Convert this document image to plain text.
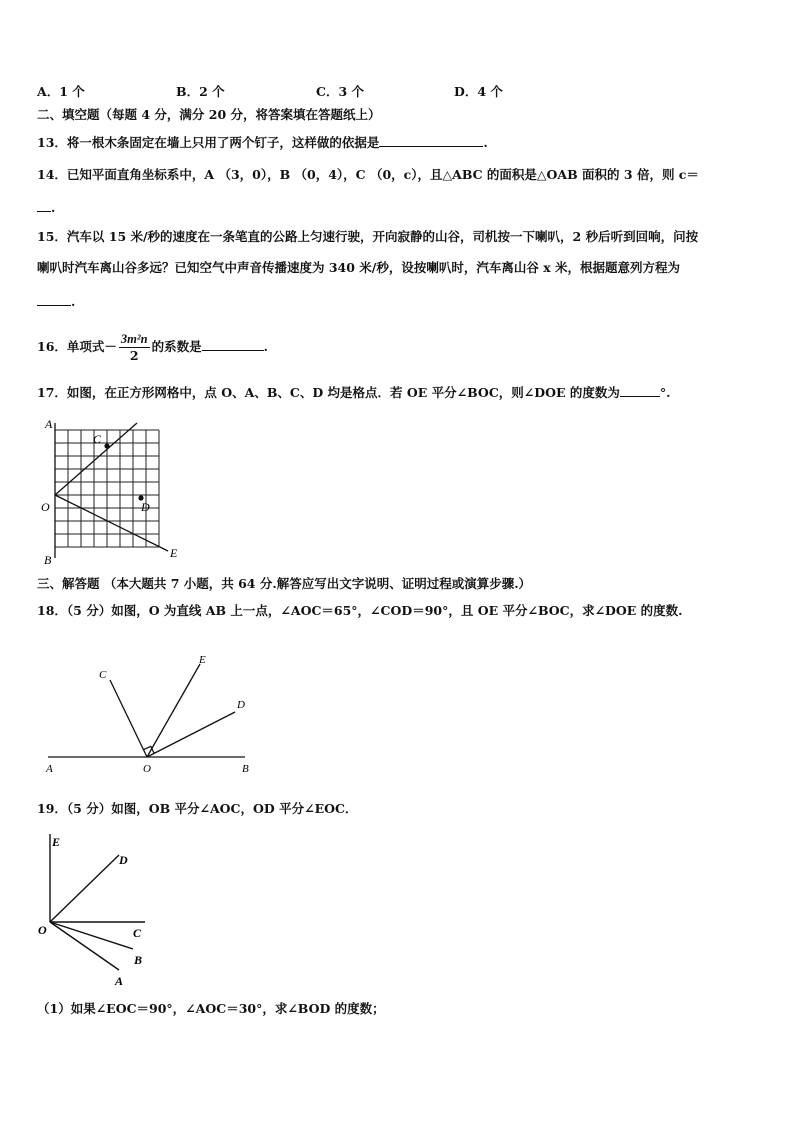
A．1 个	B．2 个	C．3 个	D．4 个
二、填空题（每题 4 分，满分 20 分，将答案填在答题纸上）
13．将一根木条固定在墙上只用了两个钉子，这样做的依据是	.
14．已知平面直角坐标系中，A （3，0），B （0，4），C （0，c），且△ABC 的面积是△OAB 面积的 3 倍，则 c＝
.
15．汽车以 15 米/秒的速度在一条笔直的公路上匀速行驶，开向寂静的山谷，司机按一下喇叭，2 秒后听到回响，问按
喇叭时汽车离山谷多远？已知空气中声音传播速度为 340 米/秒，设按喇叭时，汽车离山谷 x 米，根据题意列方程为
.
16．单项式－ $\frac{\text{3m²n}}{2}$ 的系数是	.
17．如图，在正方形网格中，点 O、A、B、C、D 均是格点．若 OE 平分∠BOC，则∠DOE 的度数为	°.
A
C
O	D
B	E
三、解答题 （本大题共 7 小题，共 64 分.解答应写出文字说明、证明过程或演算步骤.）
18．（5 分）如图，O 为直线 AB 上一点，∠AOC＝65°，∠COD＝90°，且 OE 平分∠BOC，求∠DOE 的度数.
C
E
D
A	O	B
19．（5 分）如图，OB 平分∠AOC，OD 平分∠EOC．
E
D
O	C
B
A
（1）如果∠EOC＝90°，∠AOC＝30°，求∠BOD 的度数；
